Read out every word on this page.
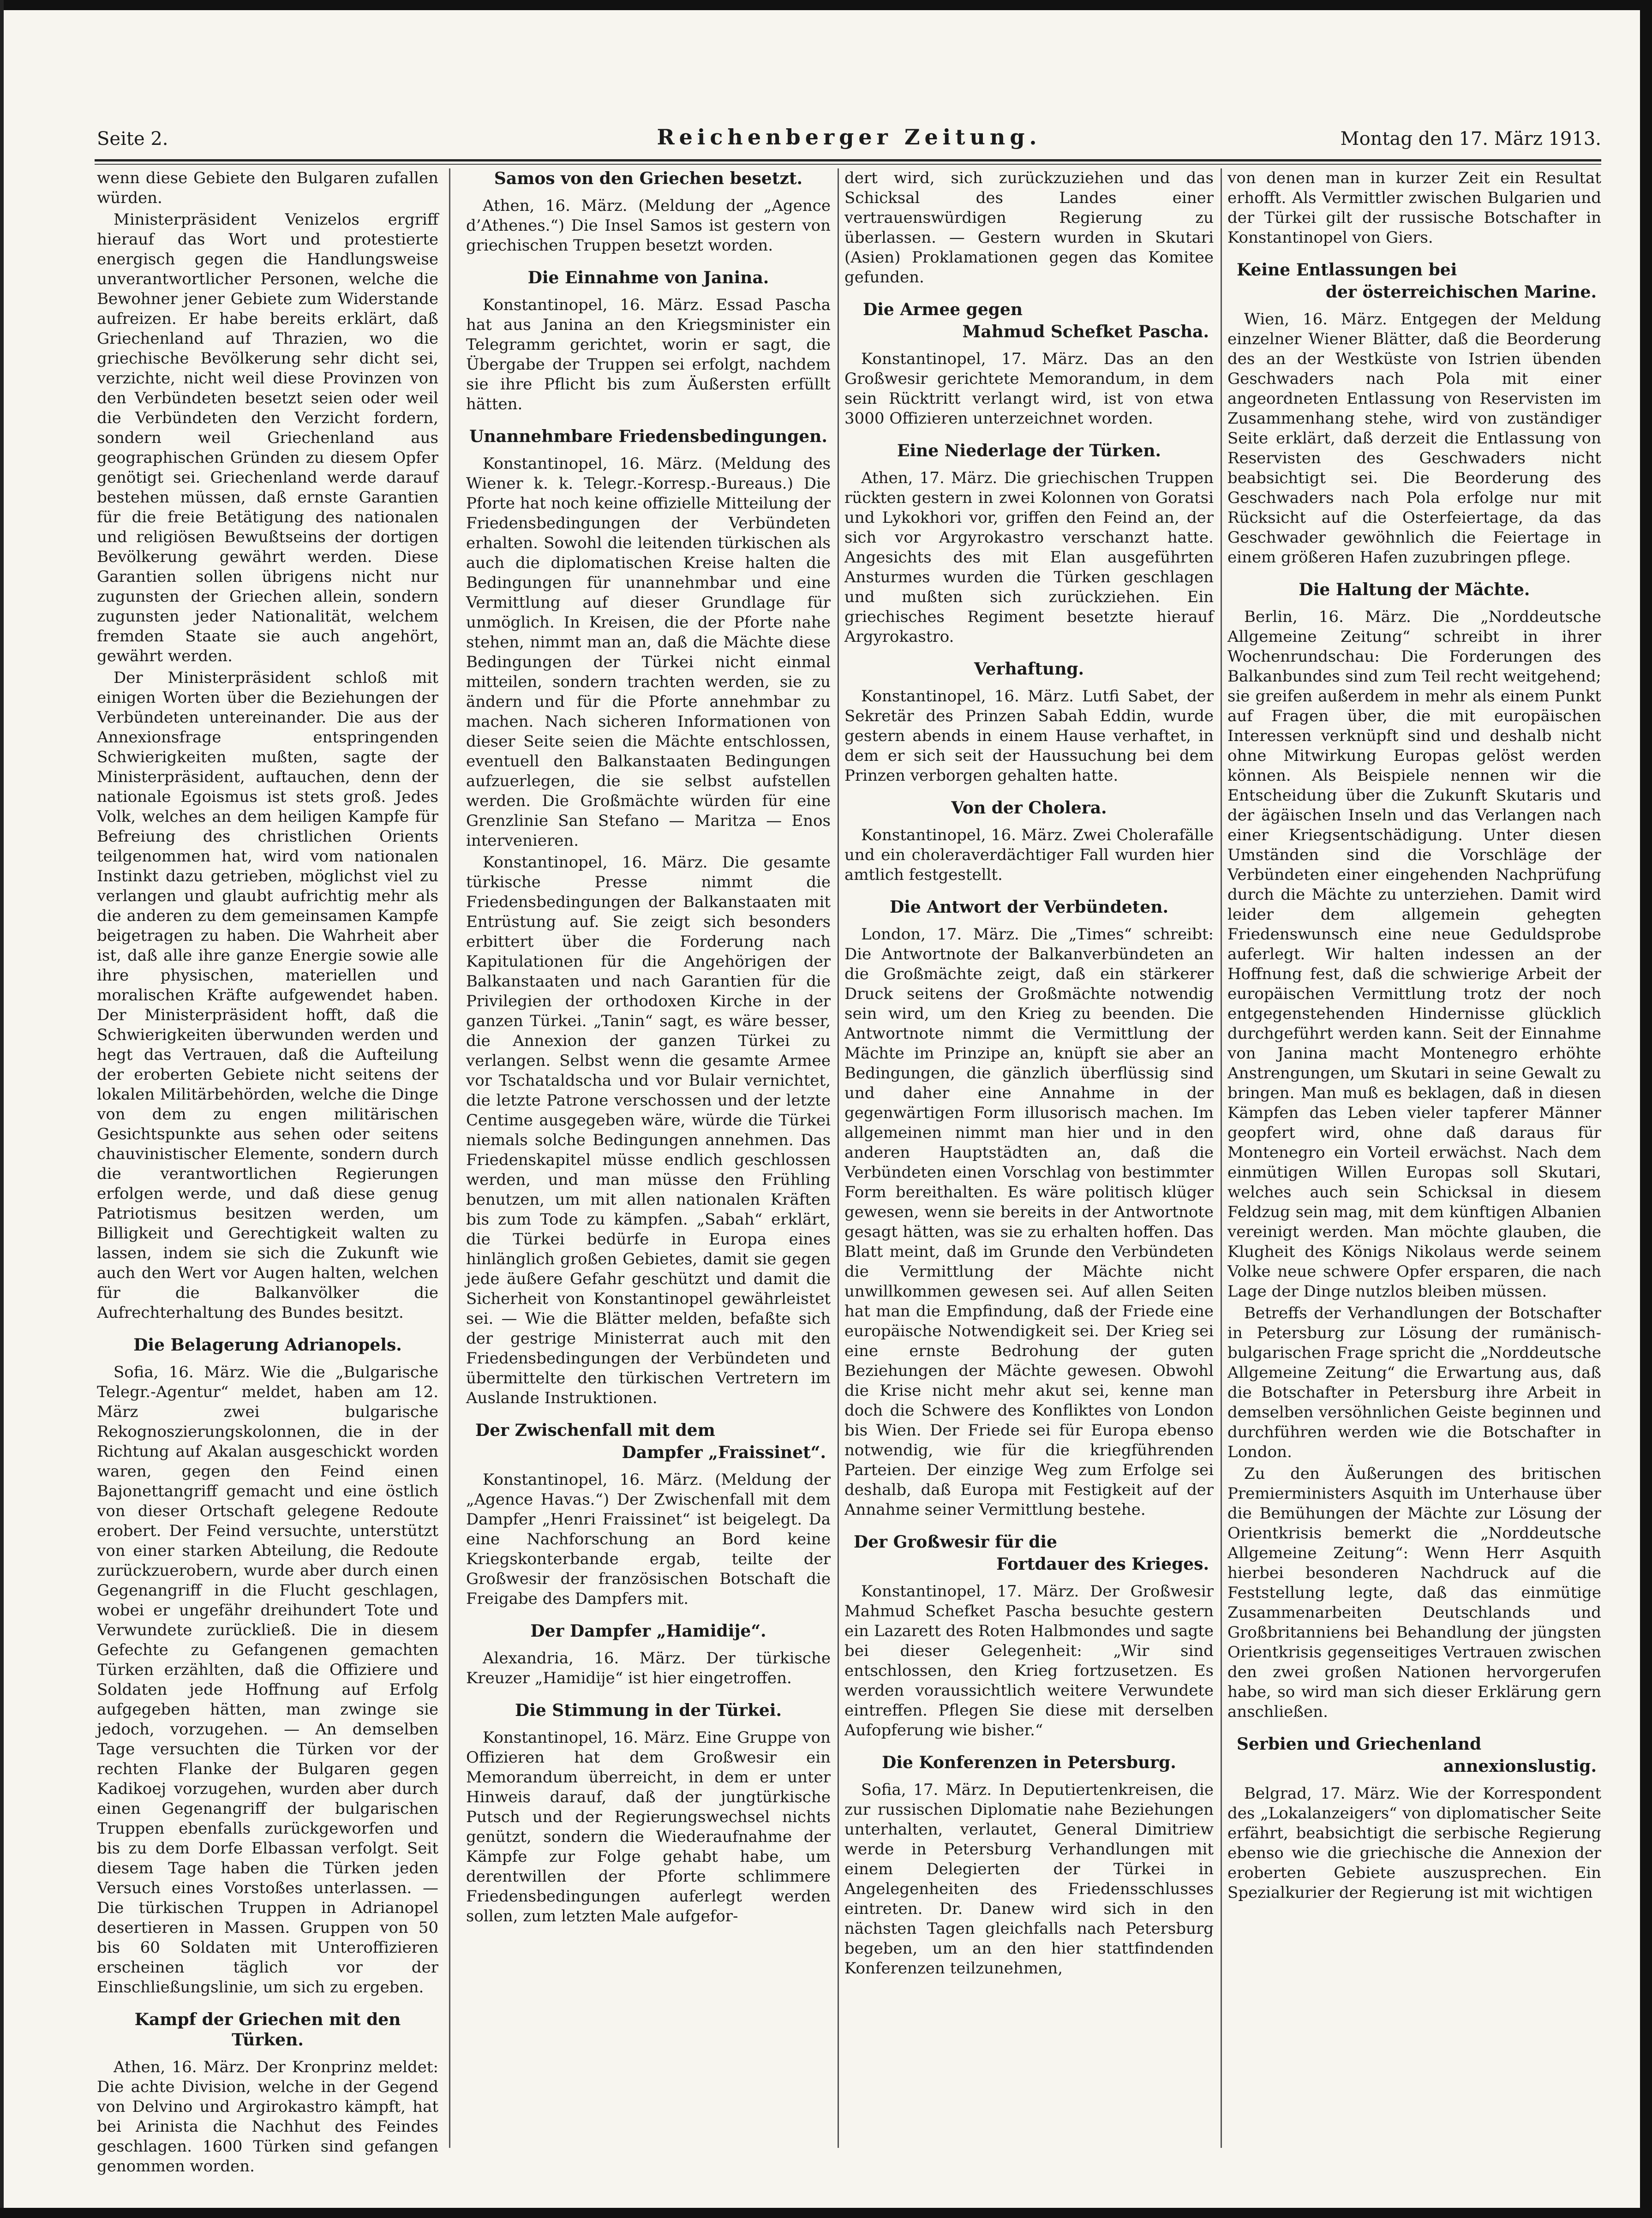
Seite 2.	Reichenberger Zeitung.	Montag den 17. März 1913.

wenn diese Gebiete den Bulgaren zufallen würden.

Ministerpräsident Venizelos ergriff hierauf das Wort und protestierte energisch gegen die Handlungsweise unverantwortlicher Personen, welche die Bewohner jener Gebiete zum Widerstande aufreizen. Er habe bereits erklärt, daß Griechenland auf Thrazien, wo die griechische Bevölkerung sehr dicht sei, verzichte, nicht weil diese Provinzen von den Verbündeten besetzt seien oder weil die Verbündeten den Verzicht fordern, sondern weil Griechenland aus geographischen Gründen zu diesem Opfer genötigt sei. Griechenland werde darauf bestehen müssen, daß ernste Garantien für die freie Betätigung des nationalen und religiösen Bewußtseins der dortigen Bevölkerung gewährt werden. Diese Garantien sollen übrigens nicht nur zugunsten der Griechen allein, sondern zugunsten jeder Nationalität, welchem fremden Staate sie auch angehört, gewährt werden.

Der Ministerpräsident schloß mit einigen Worten über die Beziehungen der Verbündeten untereinander. Die aus der Annexionsfrage entspringenden Schwierigkeiten mußten, sagte der Ministerpräsident, auftauchen, denn der nationale Egoismus ist stets groß. Jedes Volk, welches an dem heiligen Kampfe für Befreiung des christlichen Orients teilgenommen hat, wird vom nationalen Instinkt dazu getrieben, möglichst viel zu verlangen und glaubt aufrichtig mehr als die anderen zu dem gemeinsamen Kampfe beigetragen zu haben. Die Wahrheit aber ist, daß alle ihre ganze Energie sowie alle ihre physischen, materiellen und moralischen Kräfte aufgewendet haben. Der Ministerpräsident hofft, daß die Schwierigkeiten überwunden werden und hegt das Vertrauen, daß die Aufteilung der eroberten Gebiete nicht seitens der lokalen Militärbehörden, welche die Dinge von dem zu engen militärischen Gesichtspunkte aus sehen oder seitens chauvinistischer Elemente, sondern durch die verantwortlichen Regierungen erfolgen werde, und daß diese genug Patriotismus besitzen werden, um Billigkeit und Gerechtigkeit walten zu lassen, indem sie sich die Zukunft wie auch den Wert vor Augen halten, welchen für die Balkanvölker die Aufrechterhaltung des Bundes besitzt.

Die Belagerung Adrianopels.

Sofia, 16. März. Wie die „Bulgarische Telegr.-Agentur“ meldet, haben am 12. März zwei bulgarische Rekognoszierungskolonnen, die in der Richtung auf Akalan ausgeschickt worden waren, gegen den Feind einen Bajonettangriff gemacht und eine östlich von dieser Ortschaft gelegene Redoute erobert. Der Feind versuchte, unterstützt von einer starken Abteilung, die Redoute zurückzuerobern, wurde aber durch einen Gegenangriff in die Flucht geschlagen, wobei er ungefähr dreihundert Tote und Verwundete zurückließ. Die in diesem Gefechte zu Gefangenen gemachten Türken erzählten, daß die Offiziere und Soldaten jede Hoffnung auf Erfolg aufgegeben hätten, man zwinge sie jedoch, vorzugehen. — An demselben Tage versuchten die Türken vor der rechten Flanke der Bulgaren gegen Kadikoej vorzugehen, wurden aber durch einen Gegenangriff der bulgarischen Truppen ebenfalls zurückgeworfen und bis zu dem Dorfe Elbassan verfolgt. Seit diesem Tage haben die Türken jeden Versuch eines Vorstoßes unterlassen. — Die türkischen Truppen in Adrianopel desertieren in Massen. Gruppen von 50 bis 60 Soldaten mit Unteroffizieren erscheinen täglich vor der Einschließungslinie, um sich zu ergeben.

Kampf der Griechen mit den Türken.

Athen, 16. März. Der Kronprinz meldet: Die achte Division, welche in der Gegend von Delvino und Argirokastro kämpft, hat bei Arinista die Nachhut des Feindes geschlagen. 1600 Türken sind gefangen genommen worden.

Samos von den Griechen besetzt.

Athen, 16. März. (Meldung der „Agence d’Athenes.“) Die Insel Samos ist gestern von griechischen Truppen besetzt worden.

Die Einnahme von Janina.

Konstantinopel, 16. März. Essad Pascha hat aus Janina an den Kriegsminister ein Telegramm gerichtet, worin er sagt, die Übergabe der Truppen sei erfolgt, nachdem sie ihre Pflicht bis zum Äußersten erfüllt hätten.

Unannehmbare Friedensbedingungen.

Konstantinopel, 16. März. (Meldung des Wiener k. k. Telegr.-Korresp.-Bureaus.) Die Pforte hat noch keine offizielle Mitteilung der Friedensbedingungen der Verbündeten erhalten. Sowohl die leitenden türkischen als auch die diplomatischen Kreise halten die Bedingungen für unannehmbar und eine Vermittlung auf dieser Grundlage für unmöglich. In Kreisen, die der Pforte nahe stehen, nimmt man an, daß die Mächte diese Bedingungen der Türkei nicht einmal mitteilen, sondern trachten werden, sie zu ändern und für die Pforte annehmbar zu machen. Nach sicheren Informationen von dieser Seite seien die Mächte entschlossen, eventuell den Balkanstaaten Bedingungen aufzuerlegen, die sie selbst aufstellen werden. Die Großmächte würden für eine Grenzlinie San Stefano — Maritza — Enos intervenieren.

Konstantinopel, 16. März. Die gesamte türkische Presse nimmt die Friedensbedingungen der Balkanstaaten mit Entrüstung auf. Sie zeigt sich besonders erbittert über die Forderung nach Kapitulationen für die Angehörigen der Balkanstaaten und nach Garantien für die Privilegien der orthodoxen Kirche in der ganzen Türkei. „Tanin“ sagt, es wäre besser, die Annexion der ganzen Türkei zu verlangen. Selbst wenn die gesamte Armee vor Tschataldscha und vor Bulair vernichtet, die letzte Patrone verschossen und der letzte Centime ausgegeben wäre, würde die Türkei niemals solche Bedingungen annehmen. Das Friedenskapitel müsse endlich geschlossen werden, und man müsse den Frühling benutzen, um mit allen nationalen Kräften bis zum Tode zu kämpfen. „Sabah“ erklärt, die Türkei bedürfe in Europa eines hinlänglich großen Gebietes, damit sie gegen jede äußere Gefahr geschützt und damit die Sicherheit von Konstantinopel gewährleistet sei. — Wie die Blätter melden, befaßte sich der gestrige Ministerrat auch mit den Friedensbedingungen der Verbündeten und übermittelte den türkischen Vertretern im Auslande Instruktionen.

Der Zwischenfall mit dem
Dampfer „Fraissinet“.

Konstantinopel, 16. März. (Meldung der „Agence Havas.“) Der Zwischenfall mit dem Dampfer „Henri Fraissinet“ ist beigelegt. Da eine Nachforschung an Bord keine Kriegskonterbande ergab, teilte der Großwesir der französischen Botschaft die Freigabe des Dampfers mit.

Der Dampfer „Hamidije“.

Alexandria, 16. März. Der türkische Kreuzer „Hamidije“ ist hier eingetroffen.

Die Stimmung in der Türkei.

Konstantinopel, 16. März. Eine Gruppe von Offizieren hat dem Großwesir ein Memorandum überreicht, in dem er unter Hinweis darauf, daß der jungtürkische Putsch und der Regierungswechsel nichts genützt, sondern die Wiederaufnahme der Kämpfe zur Folge gehabt habe, um derentwillen der Pforte schlimmere Friedensbedingungen auferlegt werden sollen, zum letzten Male aufgefor-

dert wird, sich zurückzuziehen und das Schicksal des Landes einer vertrauenswürdigen Regierung zu überlassen. — Gestern wurden in Skutari (Asien) Proklamationen gegen das Komitee gefunden.

Die Armee gegen
Mahmud Schefket Pascha.

Konstantinopel, 17. März. Das an den Großwesir gerichtete Memorandum, in dem sein Rücktritt verlangt wird, ist von etwa 3000 Offizieren unterzeichnet worden.

Eine Niederlage der Türken.

Athen, 17. März. Die griechischen Truppen rückten gestern in zwei Kolonnen von Goratsi und Lykokhori vor, griffen den Feind an, der sich vor Argyrokastro verschanzt hatte. Angesichts des mit Elan ausgeführten Ansturmes wurden die Türken geschlagen und mußten sich zurückziehen. Ein griechisches Regiment besetzte hierauf Argyrokastro.

Verhaftung.

Konstantinopel, 16. März. Lutfi Sabet, der Sekretär des Prinzen Sabah Eddin, wurde gestern abends in einem Hause verhaftet, in dem er sich seit der Haussuchung bei dem Prinzen verborgen gehalten hatte.

Von der Cholera.

Konstantinopel, 16. März. Zwei Cholerafälle und ein choleraverdächtiger Fall wurden hier amtlich festgestellt.

Die Antwort der Verbündeten.

London, 17. März. Die „Times“ schreibt: Die Antwortnote der Balkanverbündeten an die Großmächte zeigt, daß ein stärkerer Druck seitens der Großmächte notwendig sein wird, um den Krieg zu beenden. Die Antwortnote nimmt die Vermittlung der Mächte im Prinzipe an, knüpft sie aber an Bedingungen, die gänzlich überflüssig sind und daher eine Annahme in der gegenwärtigen Form illusorisch machen. Im allgemeinen nimmt man hier und in den anderen Hauptstädten an, daß die Verbündeten einen Vorschlag von bestimmter Form bereithalten. Es wäre politisch klüger gewesen, wenn sie bereits in der Antwortnote gesagt hätten, was sie zu erhalten hoffen. Das Blatt meint, daß im Grunde den Verbündeten die Vermittlung der Mächte nicht unwillkommen gewesen sei. Auf allen Seiten hat man die Empfindung, daß der Friede eine europäische Notwendigkeit sei. Der Krieg sei eine ernste Bedrohung der guten Beziehungen der Mächte gewesen. Obwohl die Krise nicht mehr akut sei, kenne man doch die Schwere des Konfliktes von London bis Wien. Der Friede sei für Europa ebenso notwendig, wie für die kriegführenden Parteien. Der einzige Weg zum Erfolge sei deshalb, daß Europa mit Festigkeit auf der Annahme seiner Vermittlung bestehe.

Der Großwesir für die
Fortdauer des Krieges.

Konstantinopel, 17. März. Der Großwesir Mahmud Schefket Pascha besuchte gestern ein Lazarett des Roten Halbmondes und sagte bei dieser Gelegenheit: „Wir sind entschlossen, den Krieg fortzusetzen. Es werden voraussichtlich weitere Verwundete eintreffen. Pflegen Sie diese mit derselben Aufopferung wie bisher.“

Die Konferenzen in Petersburg.

Sofia, 17. März. In Deputiertenkreisen, die zur russischen Diplomatie nahe Beziehungen unterhalten, verlautet, General Dimitriew werde in Petersburg Verhandlungen mit einem Delegierten der Türkei in Angelegenheiten des Friedensschlusses eintreten. Dr. Danew wird sich in den nächsten Tagen gleichfalls nach Petersburg begeben, um an den hier stattfindenden Konferenzen teilzunehmen,

von denen man in kurzer Zeit ein Resultat erhofft. Als Vermittler zwischen Bulgarien und der Türkei gilt der russische Botschafter in Konstantinopel von Giers.

Keine Entlassungen bei
der österreichischen Marine.

Wien, 16. März. Entgegen der Meldung einzelner Wiener Blätter, daß die Beorderung des an der Westküste von Istrien übenden Geschwaders nach Pola mit einer angeordneten Entlassung von Reservisten im Zusammenhang stehe, wird von zuständiger Seite erklärt, daß derzeit die Entlassung von Reservisten des Geschwaders nicht beabsichtigt sei. Die Beorderung des Geschwaders nach Pola erfolge nur mit Rücksicht auf die Osterfeiertage, da das Geschwader gewöhnlich die Feiertage in einem größeren Hafen zuzubringen pflege.

Die Haltung der Mächte.

Berlin, 16. März. Die „Norddeutsche Allgemeine Zeitung“ schreibt in ihrer Wochenrundschau: Die Forderungen des Balkanbundes sind zum Teil recht weitgehend; sie greifen außerdem in mehr als einem Punkt auf Fragen über, die mit europäischen Interessen verknüpft sind und deshalb nicht ohne Mitwirkung Europas gelöst werden können. Als Beispiele nennen wir die Entscheidung über die Zukunft Skutaris und der ägäischen Inseln und das Verlangen nach einer Kriegsentschädigung. Unter diesen Umständen sind die Vorschläge der Verbündeten einer eingehenden Nachprüfung durch die Mächte zu unterziehen. Damit wird leider dem allgemein gehegten Friedenswunsch eine neue Geduldsprobe auferlegt. Wir halten indessen an der Hoffnung fest, daß die schwierige Arbeit der europäischen Vermittlung trotz der noch entgegenstehenden Hindernisse glücklich durchgeführt werden kann. Seit der Einnahme von Janina macht Montenegro erhöhte Anstrengungen, um Skutari in seine Gewalt zu bringen. Man muß es beklagen, daß in diesen Kämpfen das Leben vieler tapferer Männer geopfert wird, ohne daß daraus für Montenegro ein Vorteil erwächst. Nach dem einmütigen Willen Europas soll Skutari, welches auch sein Schicksal in diesem Feldzug sein mag, mit dem künftigen Albanien vereinigt werden. Man möchte glauben, die Klugheit des Königs Nikolaus werde seinem Volke neue schwere Opfer ersparen, die nach Lage der Dinge nutzlos bleiben müssen.

Betreffs der Verhandlungen der Botschafter in Petersburg zur Lösung der rumänisch-bulgarischen Frage spricht die „Norddeutsche Allgemeine Zeitung“ die Erwartung aus, daß die Botschafter in Petersburg ihre Arbeit in demselben versöhnlichen Geiste beginnen und durchführen werden wie die Botschafter in London.

Zu den Äußerungen des britischen Premierministers Asquith im Unterhause über die Bemühungen der Mächte zur Lösung der Orientkrisis bemerkt die „Norddeutsche Allgemeine Zeitung“: Wenn Herr Asquith hierbei besonderen Nachdruck auf die Feststellung legte, daß das einmütige Zusammenarbeiten Deutschlands und Großbritanniens bei Behandlung der jüngsten Orientkrisis gegenseitiges Vertrauen zwischen den zwei großen Nationen hervorgerufen habe, so wird man sich dieser Erklärung gern anschließen.

Serbien und Griechenland
annexionslustig.

Belgrad, 17. März. Wie der Korrespondent des „Lokalanzeigers“ von diplomatischer Seite erfährt, beabsichtigt die serbische Regierung ebenso wie die griechische die Annexion der eroberten Gebiete auszusprechen. Ein Spezialkurier der Regierung ist mit wichtigen
